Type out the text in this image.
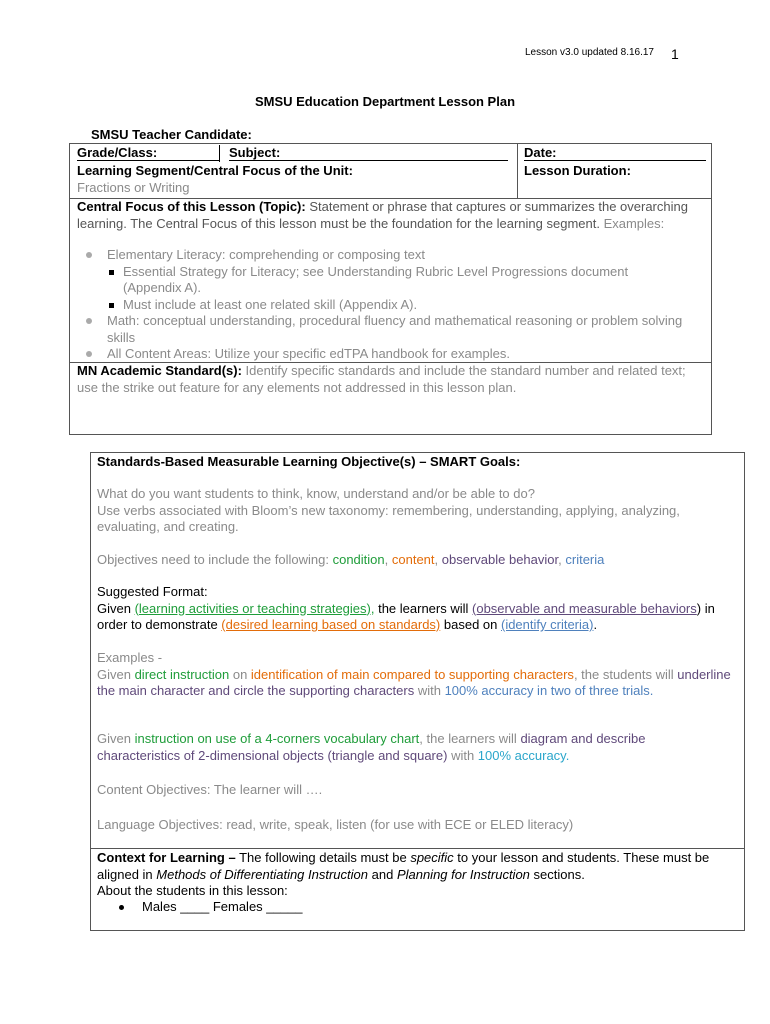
Lesson v3.0 updated 8.16.17 1
SMSU Education Department Lesson Plan
SMSU Teacher Candidate:
Grade/Class:	Subject:	Date:
Learning Segment/Central Focus of the Unit:	Lesson Duration:
Fractions or Writing
Central Focus of this Lesson (Topic): Statement or phrase that captures or summarizes the overarching learning. The Central Focus of this lesson must be the foundation for the learning segment. Examples:
Elementary Literacy: comprehending or composing text
Essential Strategy for Literacy; see Understanding Rubric Level Progressions document (Appendix A).
Must include at least one related skill (Appendix A).
Math: conceptual understanding, procedural fluency and mathematical reasoning or problem solving skills
All Content Areas: Utilize your specific edTPA handbook for examples.
MN Academic Standard(s): Identify specific standards and include the standard number and related text; use the strike out feature for any elements not addressed in this lesson plan.
Standards-Based Measurable Learning Objective(s) – SMART Goals:
What do you want students to think, know, understand and/or be able to do?
Use verbs associated with Bloom’s new taxonomy: remembering, understanding, applying, analyzing, evaluating, and creating.
Objectives need to include the following: condition, content, observable behavior, criteria
Suggested Format:
Given (learning activities or teaching strategies), the learners will (observable and measurable behaviors) in order to demonstrate (desired learning based on standards) based on (identify criteria).
Examples -
Given direct instruction on identification of main compared to supporting characters, the students will underline the main character and circle the supporting characters with 100% accuracy in two of three trials.
Given instruction on use of a 4-corners vocabulary chart, the learners will diagram and describe characteristics of 2-dimensional objects (triangle and square) with 100% accuracy.
Content Objectives: The learner will ….
Language Objectives: read, write, speak, listen (for use with ECE or ELED literacy)
Context for Learning – The following details must be specific to your lesson and students. These must be aligned in Methods of Differentiating Instruction and Planning for Instruction sections.
About the students in this lesson:
Males ____ Females _____
